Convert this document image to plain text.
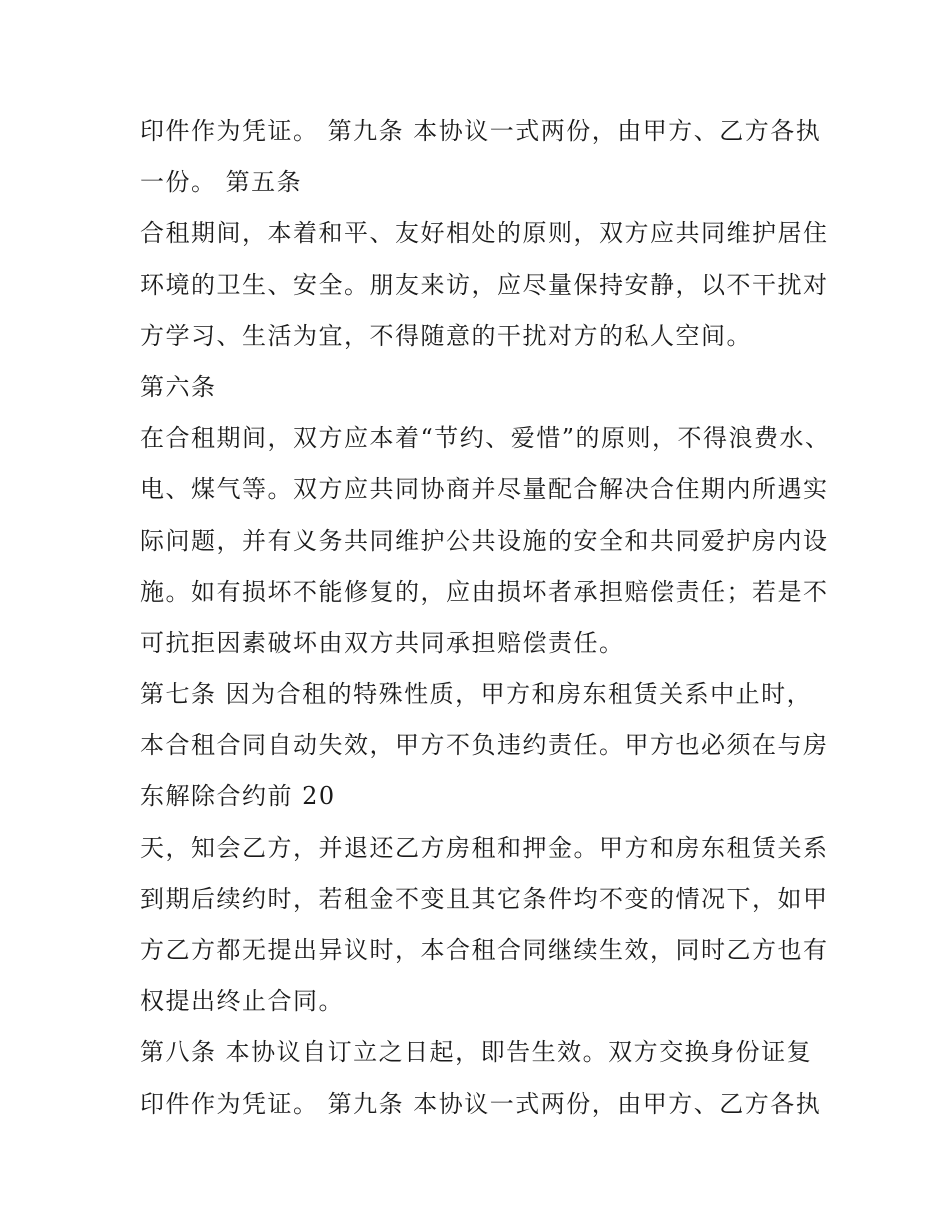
印件作为凭证。 第九条 本协议一式两份，由甲方、乙方各执
一份。 第五条
合租期间，本着和平、友好相处的原则，双方应共同维护居住
环境的卫生、安全。朋友来访，应尽量保持安静，以不干扰对
方学习、生活为宜，不得随意的干扰对方的私人空间。
第六条
在合租期间，双方应本着“节约、爱惜”的原则，不得浪费水、
电、煤气等。双方应共同协商并尽量配合解决合住期内所遇实
际问题，并有义务共同维护公共设施的安全和共同爱护房内设
施。如有损坏不能修复的，应由损坏者承担赔偿责任；若是不
可抗拒因素破坏由双方共同承担赔偿责任。
第七条 因为合租的特殊性质，甲方和房东租赁关系中止时，
本合租合同自动失效，甲方不负违约责任。甲方也必须在与房
东解除合约前 20
天，知会乙方，并退还乙方房租和押金。甲方和房东租赁关系
到期后续约时，若租金不变且其它条件均不变的情况下，如甲
方乙方都无提出异议时，本合租合同继续生效，同时乙方也有
权提出终止合同。
第八条 本协议自订立之日起，即告生效。双方交换身份证复
印件作为凭证。 第九条 本协议一式两份，由甲方、乙方各执
